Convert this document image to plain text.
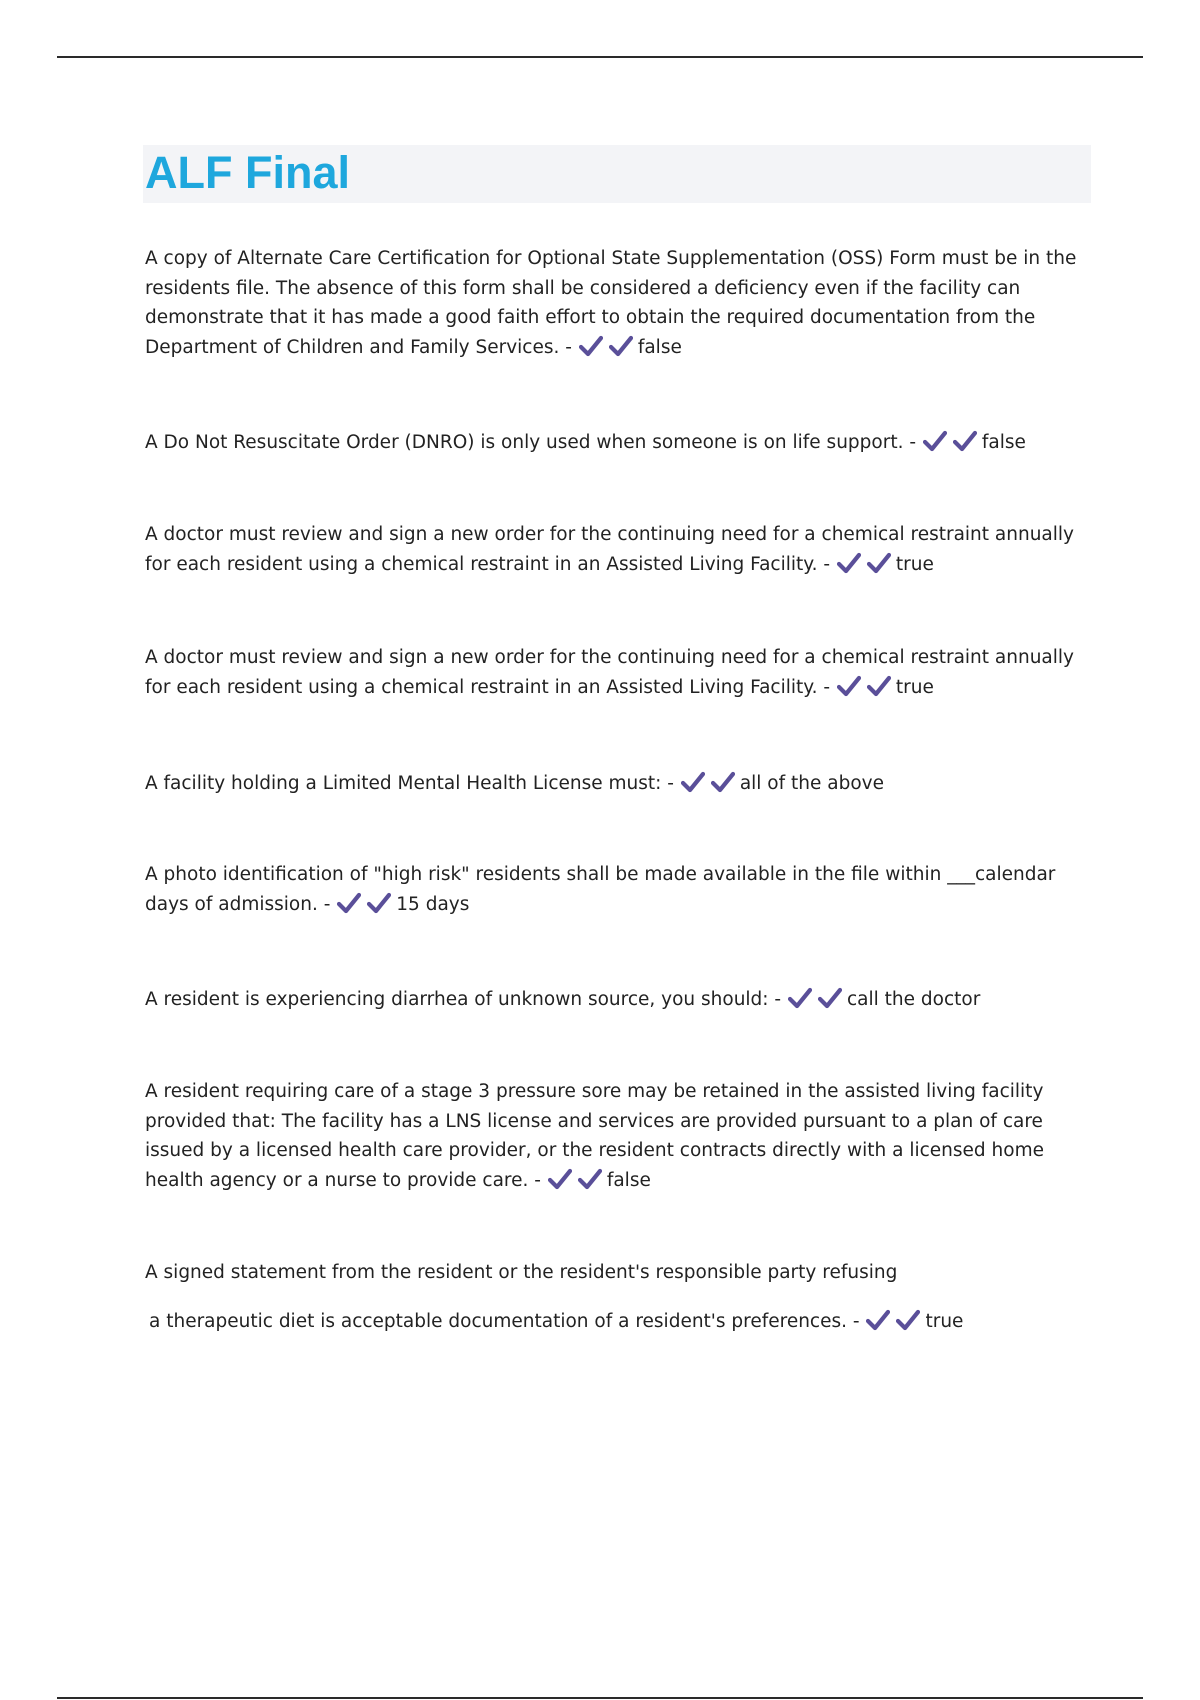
ALF Final

A copy of Alternate Care Certification for Optional State Supplementation (OSS) Form must be in the residents file. The absence of this form shall be considered a deficiency even if the facility can demonstrate that it has made a good faith effort to obtain the required documentation from the Department of Children and Family Services. -	false

A Do Not Resuscitate Order (DNRO) is only used when someone is on life support. -	false

A doctor must review and sign a new order for the continuing need for a chemical restraint annually for each resident using a chemical restraint in an Assisted Living Facility. -	true

A doctor must review and sign a new order for the continuing need for a chemical restraint annually for each resident using a chemical restraint in an Assisted Living Facility. -	true

A facility holding a Limited Mental Health License must: -	all of the above

A photo identification of "high risk" residents shall be made available in the file within ___calendar days of admission. -	15 days

A resident is experiencing diarrhea of unknown source, you should: -	call the doctor

A resident requiring care of a stage 3 pressure sore may be retained in the assisted living facility provided that: The facility has a LNS license and services are provided pursuant to a plan of care issued by a licensed health care provider, or the resident contracts directly with a licensed home health agency or a nurse to provide care. -	false

A signed statement from the resident or the resident's responsible party refusing

a therapeutic diet is acceptable documentation of a resident's preferences. -	true
